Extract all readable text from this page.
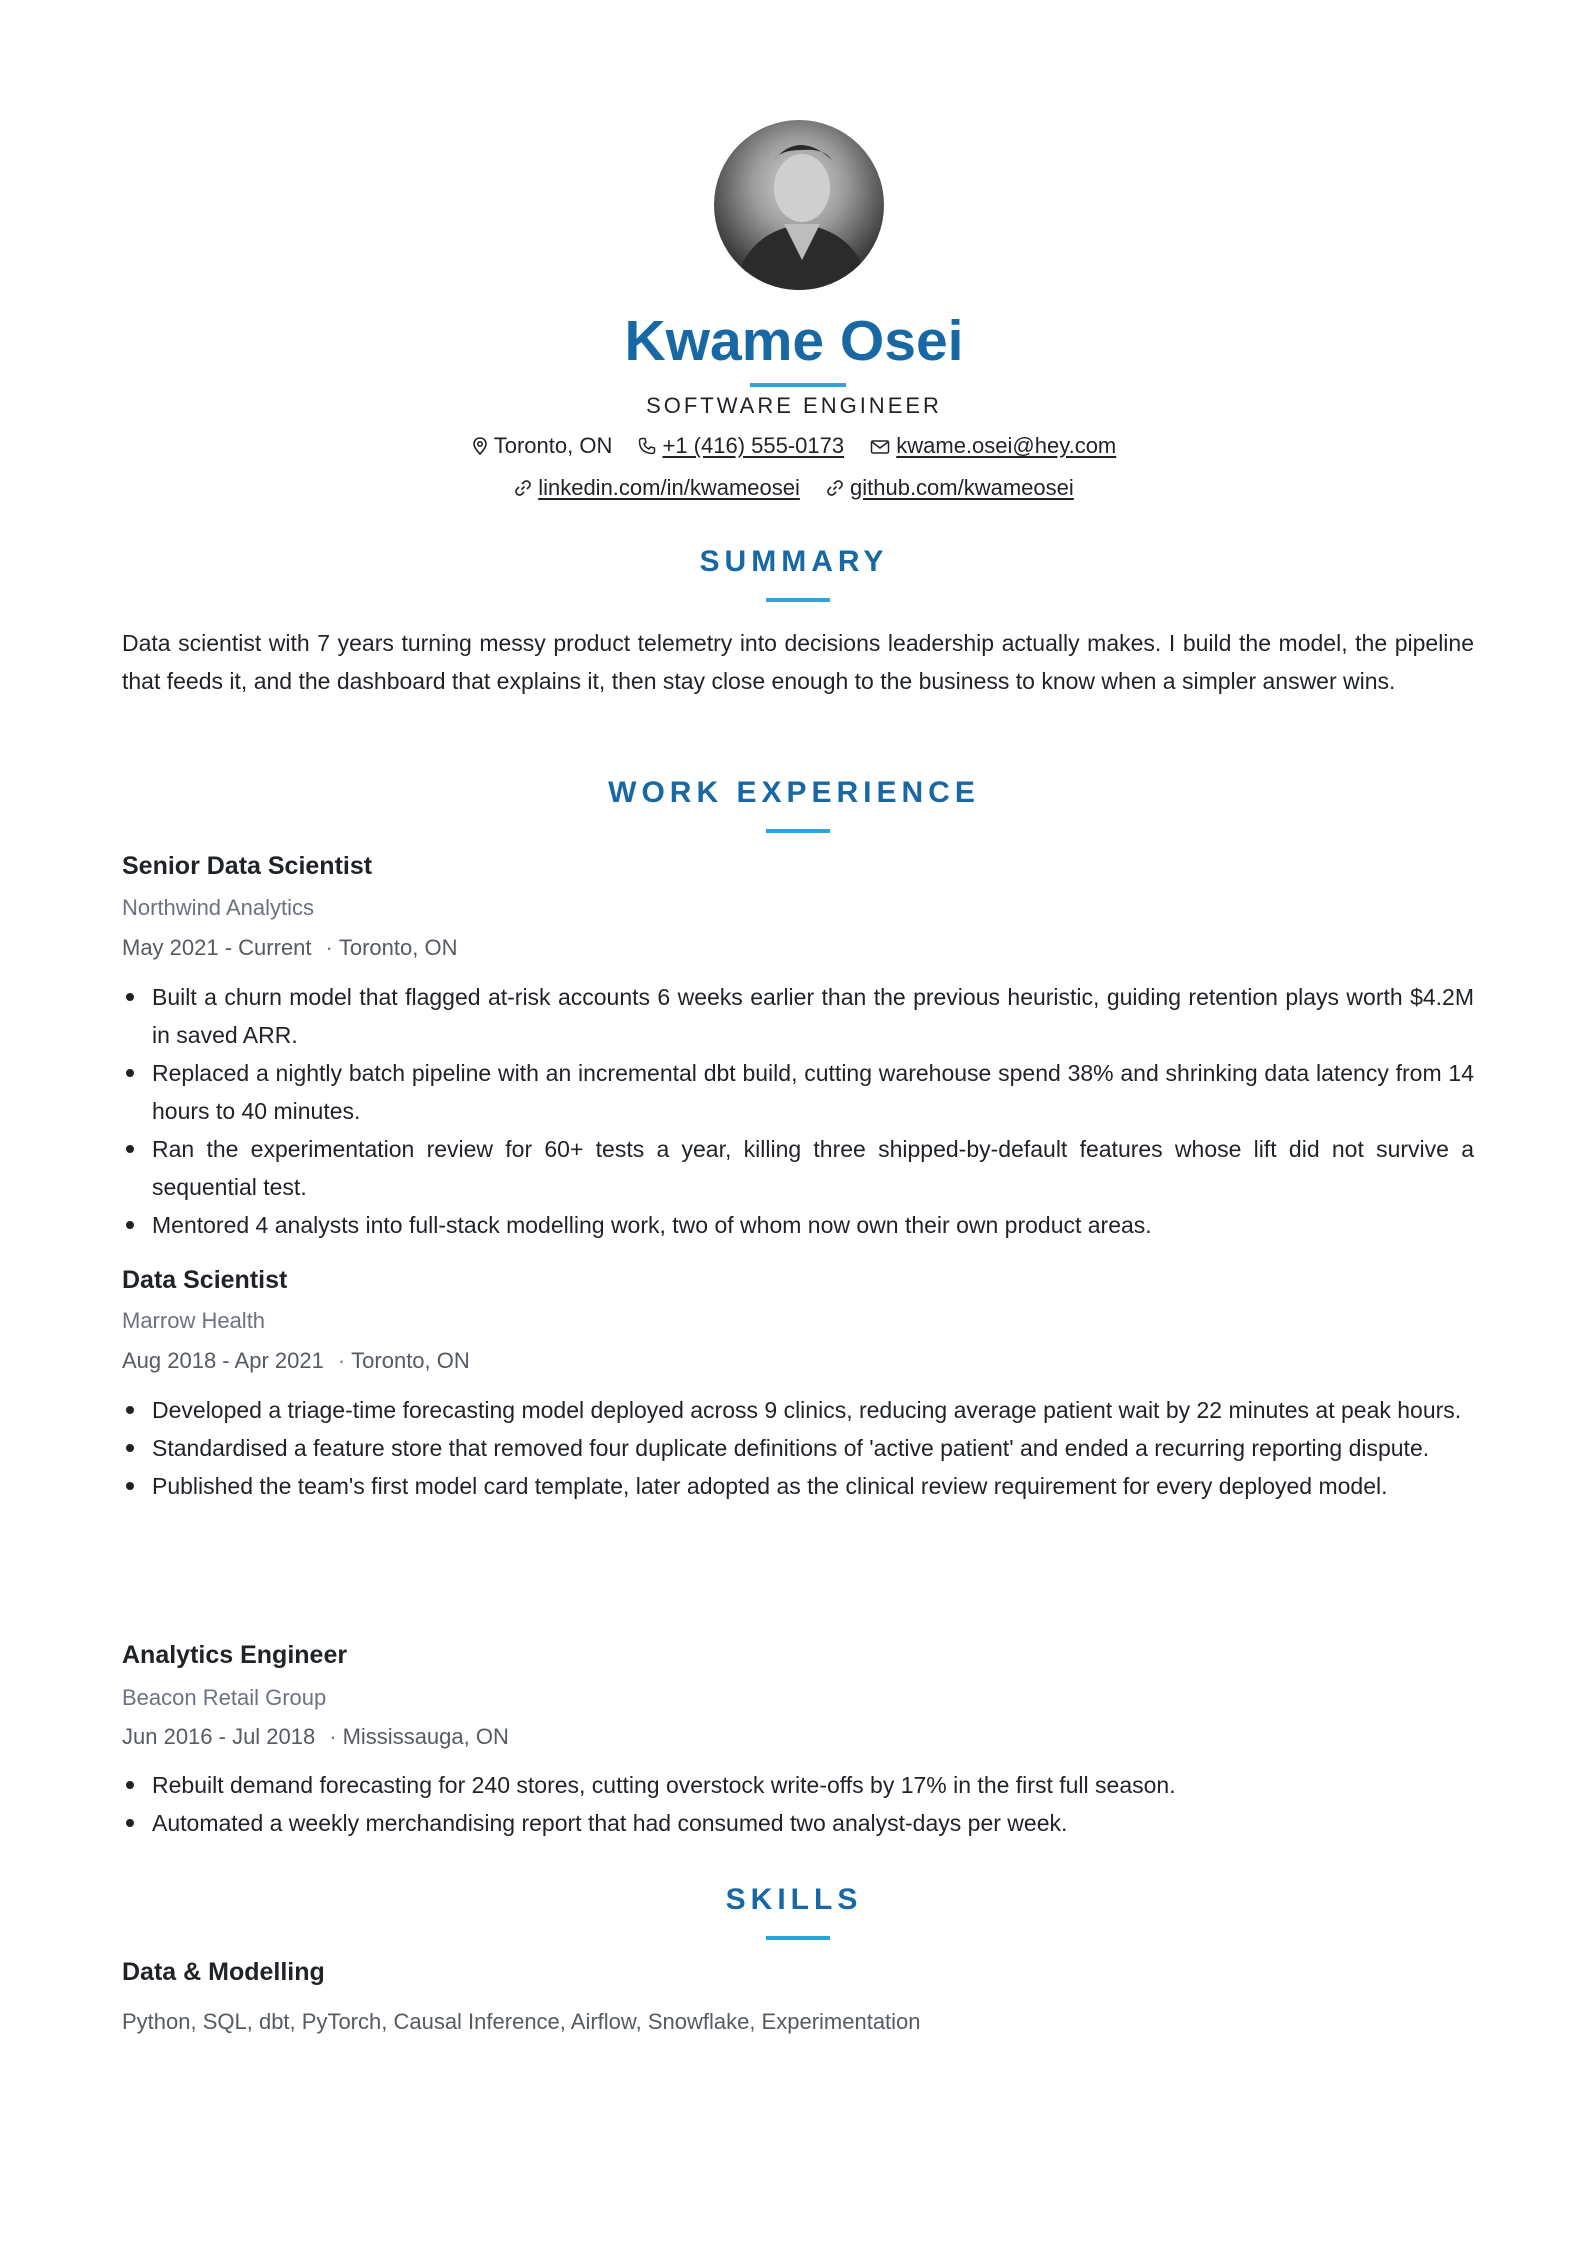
Kwame Osei
SOFTWARE ENGINEER
Toronto, ON +1 (416) 555-0173 kwame.osei@hey.com
linkedin.com/in/kwameosei github.com/kwameosei
SUMMARY
Data scientist with 7 years turning messy product telemetry into decisions leadership actually makes. I build the model, the pipeline that feeds it, and the dashboard that explains it, then stay close enough to the business to know when a simpler answer wins.
WORK EXPERIENCE
Senior Data Scientist
Northwind Analytics
May 2021 - Current · Toronto, ON
Built a churn model that flagged at-risk accounts 6 weeks earlier than the previous heuristic, guiding retention plays worth $4.2M in saved ARR.
Replaced a nightly batch pipeline with an incremental dbt build, cutting warehouse spend 38% and shrinking data latency from 14 hours to 40 minutes.
Ran the experimentation review for 60+ tests a year, killing three shipped-by-default features whose lift did not survive a sequential test.
Mentored 4 analysts into full-stack modelling work, two of whom now own their own product areas.
Data Scientist
Marrow Health
Aug 2018 - Apr 2021 · Toronto, ON
Developed a triage-time forecasting model deployed across 9 clinics, reducing average patient wait by 22 minutes at peak hours.
Standardised a feature store that removed four duplicate definitions of 'active patient' and ended a recurring reporting dispute.
Published the team's first model card template, later adopted as the clinical review requirement for every deployed model.
Analytics Engineer
Beacon Retail Group
Jun 2016 - Jul 2018 · Mississauga, ON
Rebuilt demand forecasting for 240 stores, cutting overstock write-offs by 17% in the first full season.
Automated a weekly merchandising report that had consumed two analyst-days per week.
SKILLS
Data & Modelling
Python, SQL, dbt, PyTorch, Causal Inference, Airflow, Snowflake, Experimentation
